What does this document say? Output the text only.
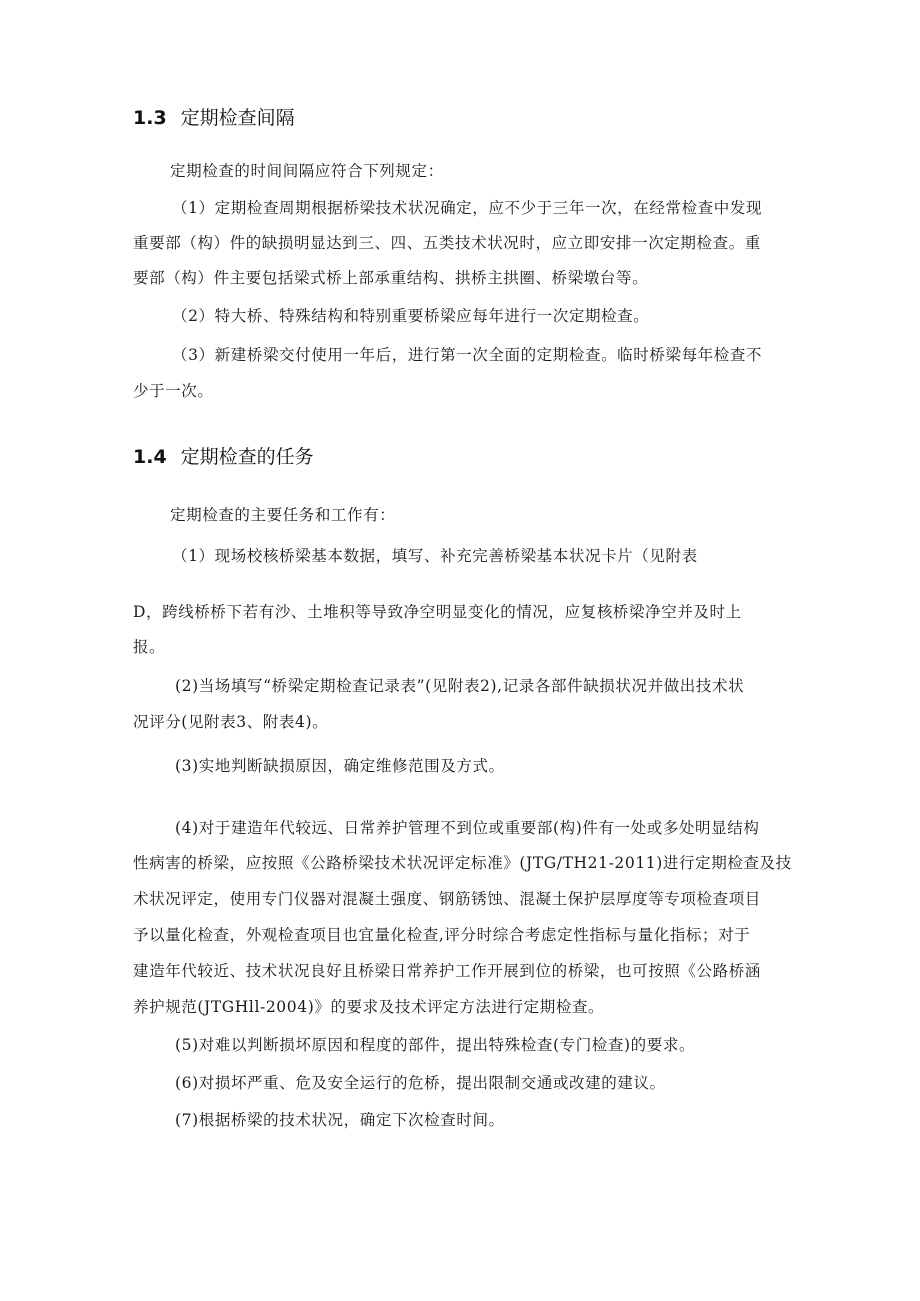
1.3 定期检查间隔
定期检查的时间间隔应符合下列规定：
（1）定期检查周期根据桥梁技术状况确定，应不少于三年一次，在经常检查中发现
重要部（构）件的缺损明显达到三、四、五类技术状况时，应立即安排一次定期检查。重
要部（构）件主要包括梁式桥上部承重结构、拱桥主拱圈、桥梁墩台等。
（2）特大桥、特殊结构和特别重要桥梁应每年进行一次定期检查。
（3）新建桥梁交付使用一年后，进行第一次全面的定期检查。临时桥梁每年检查不
少于一次。
1.4 定期检查的任务
定期检查的主要任务和工作有：
（1）现场校核桥梁基本数据，填写、补充完善桥梁基本状况卡片（见附表
D，跨线桥桥下若有沙、土堆积等导致净空明显变化的情况，应复核桥梁净空并及时上
报。
(2)当场填写“桥梁定期检查记录表”(见附表2),记录各部件缺损状况并做出技术状
况评分(见附表3、附表4)。
(3)实地判断缺损原因，确定维修范围及方式。
(4)对于建造年代较远、日常养护管理不到位或重要部(构)件有一处或多处明显结构
性病害的桥梁，应按照《公路桥梁技术状况评定标准》(JTG/TH21-2011)进行定期检查及技
术状况评定，使用专门仪器对混凝土强度、钢筋锈蚀、混凝土保护层厚度等专项检查项目
予以量化检查，外观检查项目也宜量化检查,评分时综合考虑定性指标与量化指标；对于
建造年代较近、技术状况良好且桥梁日常养护工作开展到位的桥梁，也可按照《公路桥涵
养护规范(JTGHll-2004)》的要求及技术评定方法进行定期检查。
(5)对难以判断损坏原因和程度的部件，提出特殊检查(专门检查)的要求。
(6)对损坏严重、危及安全运行的危桥，提出限制交通或改建的建议。
(7)根据桥梁的技术状况，确定下次检查时间。
